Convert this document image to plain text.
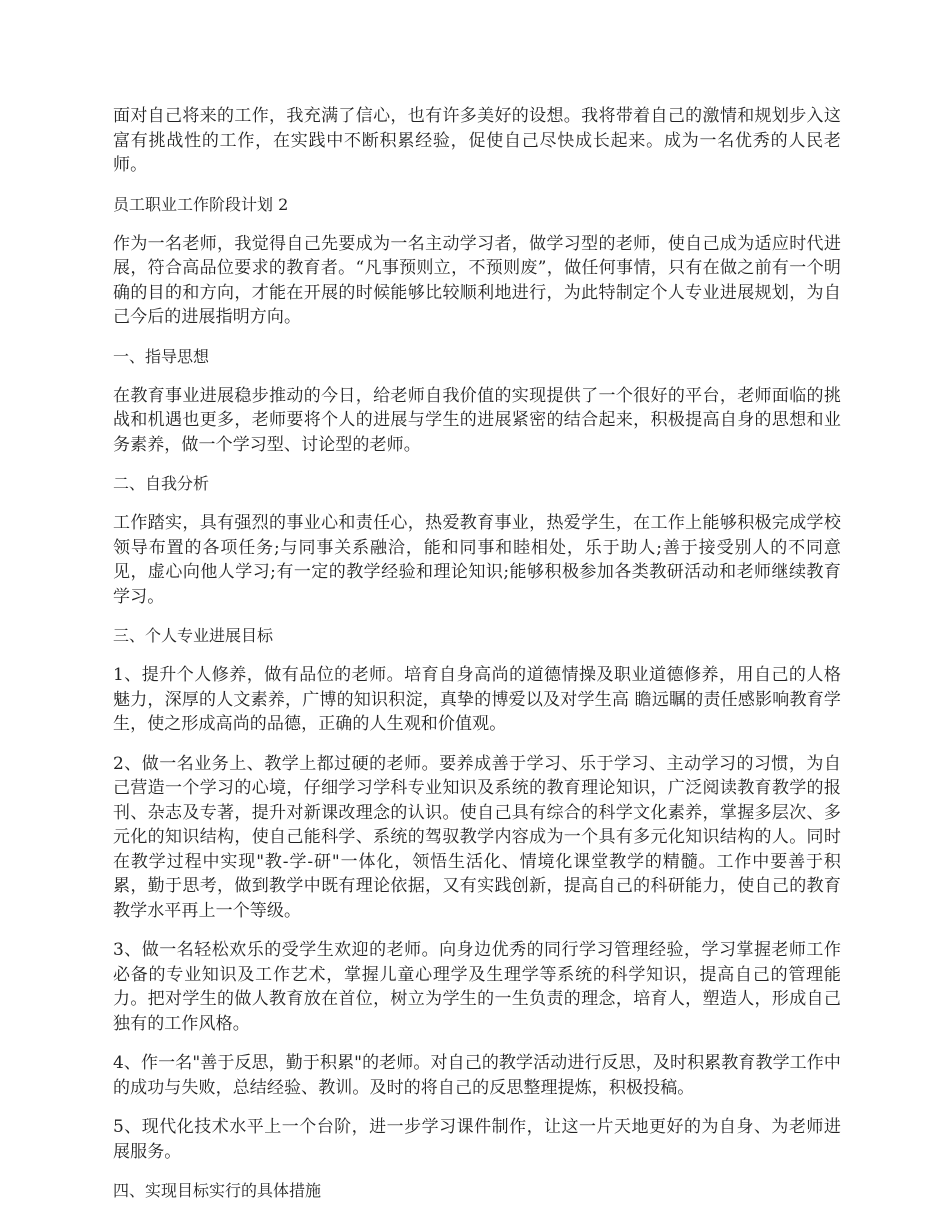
面对自己将来的工作，我充满了信心，也有许多美好的设想。我将带着自己的激情和规划步入这富有挑战性的工作，在实践中不断积累经验，促使自己尽快成长起来。成为一名优秀的人民老师。

员工职业工作阶段计划 2

作为一名老师，我觉得自己先要成为一名主动学习者，做学习型的老师，使自己成为适应时代进展，符合高品位要求的教育者。“凡事预则立，不预则废”，做任何事情，只有在做之前有一个明确的目的和方向，才能在开展的时候能够比较顺利地进行，为此特制定个人专业进展规划，为自己今后的进展指明方向。

一、指导思想

在教育事业进展稳步推动的今日，给老师自我价值的实现提供了一个很好的平台，老师面临的挑战和机遇也更多，老师要将个人的进展与学生的进展紧密的结合起来，积极提高自身的思想和业务素养，做一个学习型、讨论型的老师。

二、自我分析

工作踏实，具有强烈的事业心和责任心，热爱教育事业，热爱学生，在工作上能够积极完成学校领导布置的各项任务;与同事关系融洽，能和同事和睦相处，乐于助人;善于接受别人的不同意见，虚心向他人学习;有一定的教学经验和理论知识;能够积极参加各类教研活动和老师继续教育学习。

三、个人专业进展目标

1、提升个人修养，做有品位的老师。培育自身高尚的道德情操及职业道德修养，用自己的人格魅力，深厚的人文素养，广博的知识积淀，真挚的博爱以及对学生高 瞻远瞩的责任感影响教育学生，使之形成高尚的品德，正确的人生观和价值观。

2、做一名业务上、教学上都过硬的老师。要养成善于学习、乐于学习、主动学习的习惯，为自己营造一个学习的心境，仔细学习学科专业知识及系统的教育理论知识，广泛阅读教育教学的报刊、杂志及专著，提升对新课改理念的认识。使自己具有综合的科学文化素养，掌握多层次、多元化的知识结构，使自己能科学、系统的驾驭教学内容成为一个具有多元化知识结构的人。同时在教学过程中实现"教-学-研"一体化，领悟生活化、情境化课堂教学的精髓。工作中要善于积累，勤于思考，做到教学中既有理论依据，又有实践创新，提高自己的科研能力，使自己的教育教学水平再上一个等级。

3、做一名轻松欢乐的受学生欢迎的老师。向身边优秀的同行学习管理经验，学习掌握老师工作必备的专业知识及工作艺术，掌握儿童心理学及生理学等系统的科学知识，提高自己的管理能力。把对学生的做人教育放在首位，树立为学生的一生负责的理念，培育人，塑造人，形成自己独有的工作风格。

4、作一名"善于反思，勤于积累"的老师。对自己的教学活动进行反思，及时积累教育教学工作中的成功与失败，总结经验、教训。及时的将自己的反思整理提炼，积极投稿。

5、现代化技术水平上一个台阶，进一步学习课件制作，让这一片天地更好的为自身、为老师进展服务。

四、实现目标实行的具体措施
